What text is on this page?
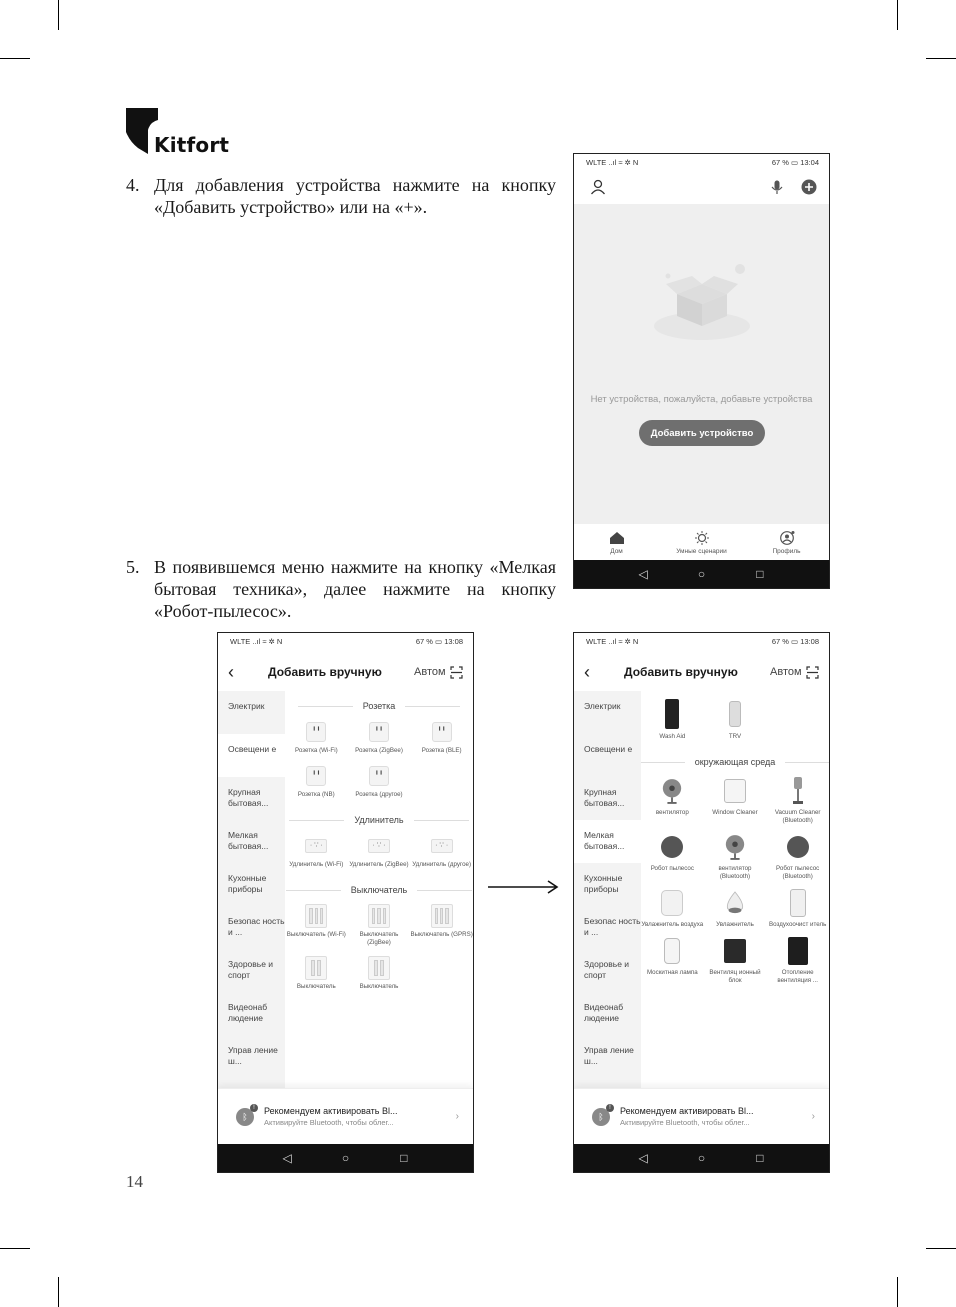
Kitfort
4. Для добавления устройства нажмите на кнопку «Добавить устройство» или на «+».
5. В появившемся меню нажмите на кнопку «Мелкая бытовая техника», далее нажмите на кнопку «Робот-пылесос».
14
WLTE ..ıl ≈ ✲ N	67 % ▭ 13:04
Нет устройства, пожалуйста, добавьте устройства
Добавить устройство
Дом	Умные сценарии	Профиль
◁	○	□
WLTE ..ıl ≈ ✲ N	67 % ▭ 13:08
‹	Добавить вручную	Автом
Электрик
Освещени е
Крупная бытовая...
Мелкая бытовая...
Кухонные приборы
Безопас ность и ...
Здоровье и спорт
Видеонаб людение
Управ ление ш...
Розетка
╹╹
Розетка (Wi-Fi)
╹╹
Розетка (ZigBee)
╹╹
Розетка (BLE)
╹╹
Розетка (NB)
╹╹
Розетка (другое)
Удлинитель
· ∵ ·
Удлинитель (Wi-Fi)
· ∵ ·
Удлинитель (ZigBee)
· ∵ ·
Удлинитель (другое)
Выключатель
Выключатель (Wi-Fi)	Выключатель (ZigBee)
Выключатель (GPRS)
Выключатель	Выключатель
ᛒ
!	Рекомендуем активировать Bl...
Активируйте Bluetooth, чтобы облег...
›
◁	○	□
WLTE ..ıl ≈ ✲ N	67 % ▭ 13:08
‹	Добавить вручную	Автом
Электрик
Освещени е
Крупная бытовая...
Мелкая бытовая...
Кухонные приборы
Безопас ность и ...
Здоровье и спорт
Видеонаб людение
Управ ление ш...
Wash Aid	TRV
окружающая среда
вентилятор	Window Cleaner	Vacuum Cleaner (Bluetooth)
Робот пылесос	вентилятор (Bluetooth)
Робот пылесос (Bluetooth)
Увлажнитель воздуха Увлажнитель Воздухоочист итель
Москитная лампа	Вентиляц ионный блок
Отопление вентиляция ...
ᛒ
!	Рекомендуем активировать Bl...
Активируйте Bluetooth, чтобы облег...
›
◁	○	□
